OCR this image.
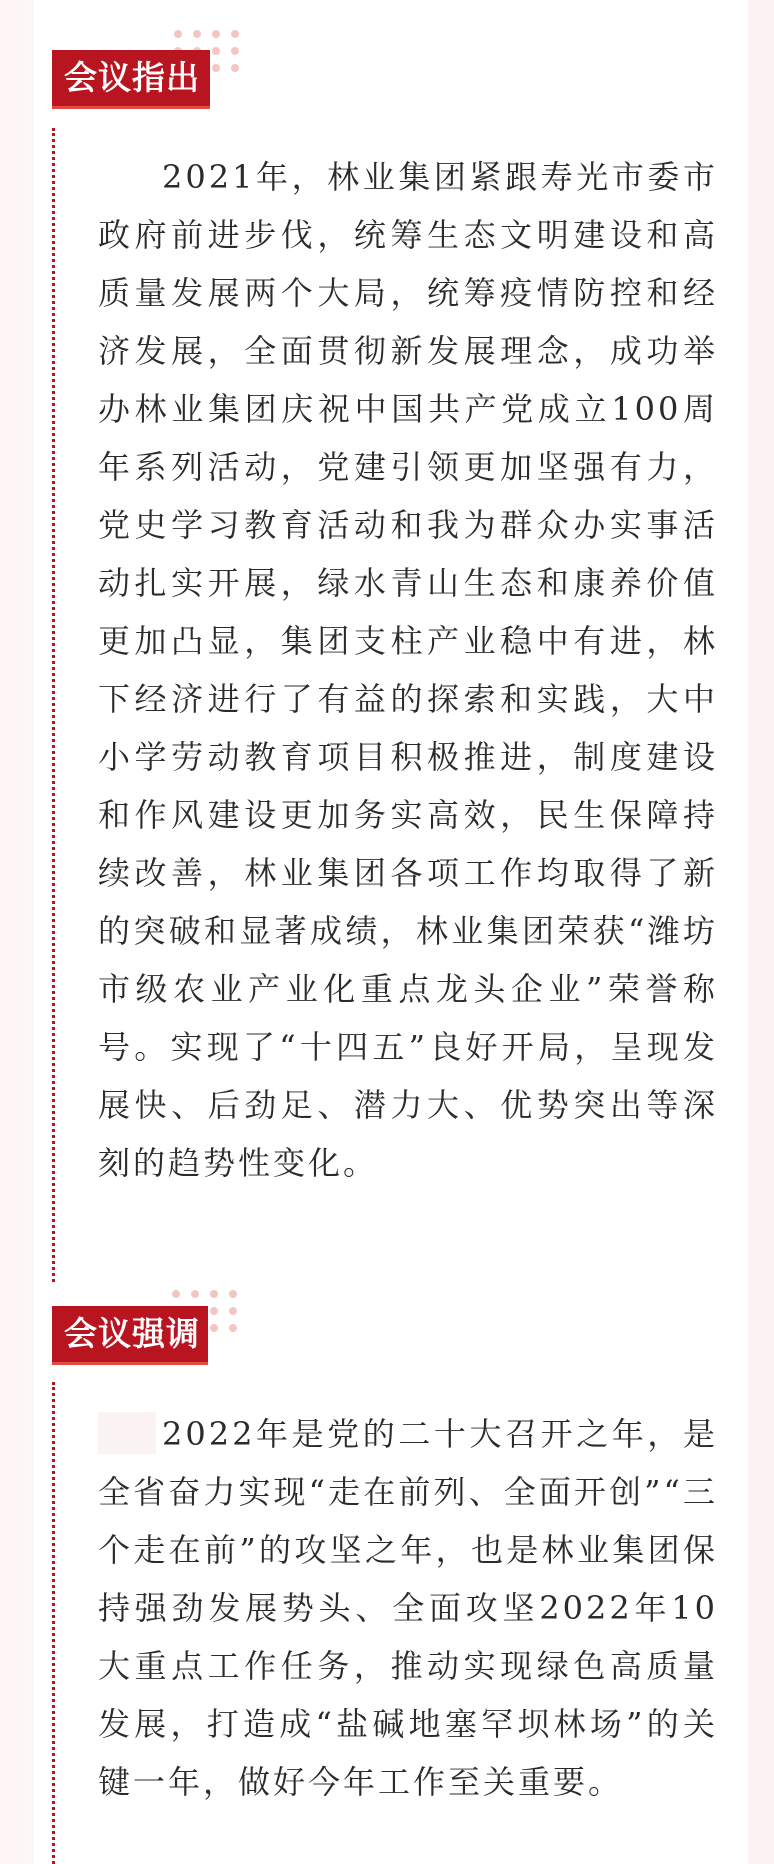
会议指出

2021年，林业集团紧跟寿光市委市政府前进步伐，统筹生态文明建设和高质量发展两个大局，统筹疫情防控和经济发展，全面贯彻新发展理念，成功举办林业集团庆祝中国共产党成立100周年系列活动，党建引领更加坚强有力，党史学习教育活动和我为群众办实事活动扎实开展，绿水青山生态和康养价值更加凸显，集团支柱产业稳中有进，林下经济进行了有益的探索和实践，大中小学劳动教育项目积极推进，制度建设和作风建设更加务实高效，民生保障持续改善，林业集团各项工作均取得了新的突破和显著成绩，林业集团荣获“潍坊市级农业产业化重点龙头企业”荣誉称号。实现了“十四五”良好开局，呈现发展快、后劲足、潜力大、优势突出等深刻的趋势性变化。

会议强调

2022年是党的二十大召开之年，是全省奋力实现“走在前列、全面开创”“三个走在前”的攻坚之年，也是林业集团保持强劲发展势头、全面攻坚2022年10大重点工作任务，推动实现绿色高质量发展，打造成“盐碱地塞罕坝林场”的关键一年，做好今年工作至关重要。
